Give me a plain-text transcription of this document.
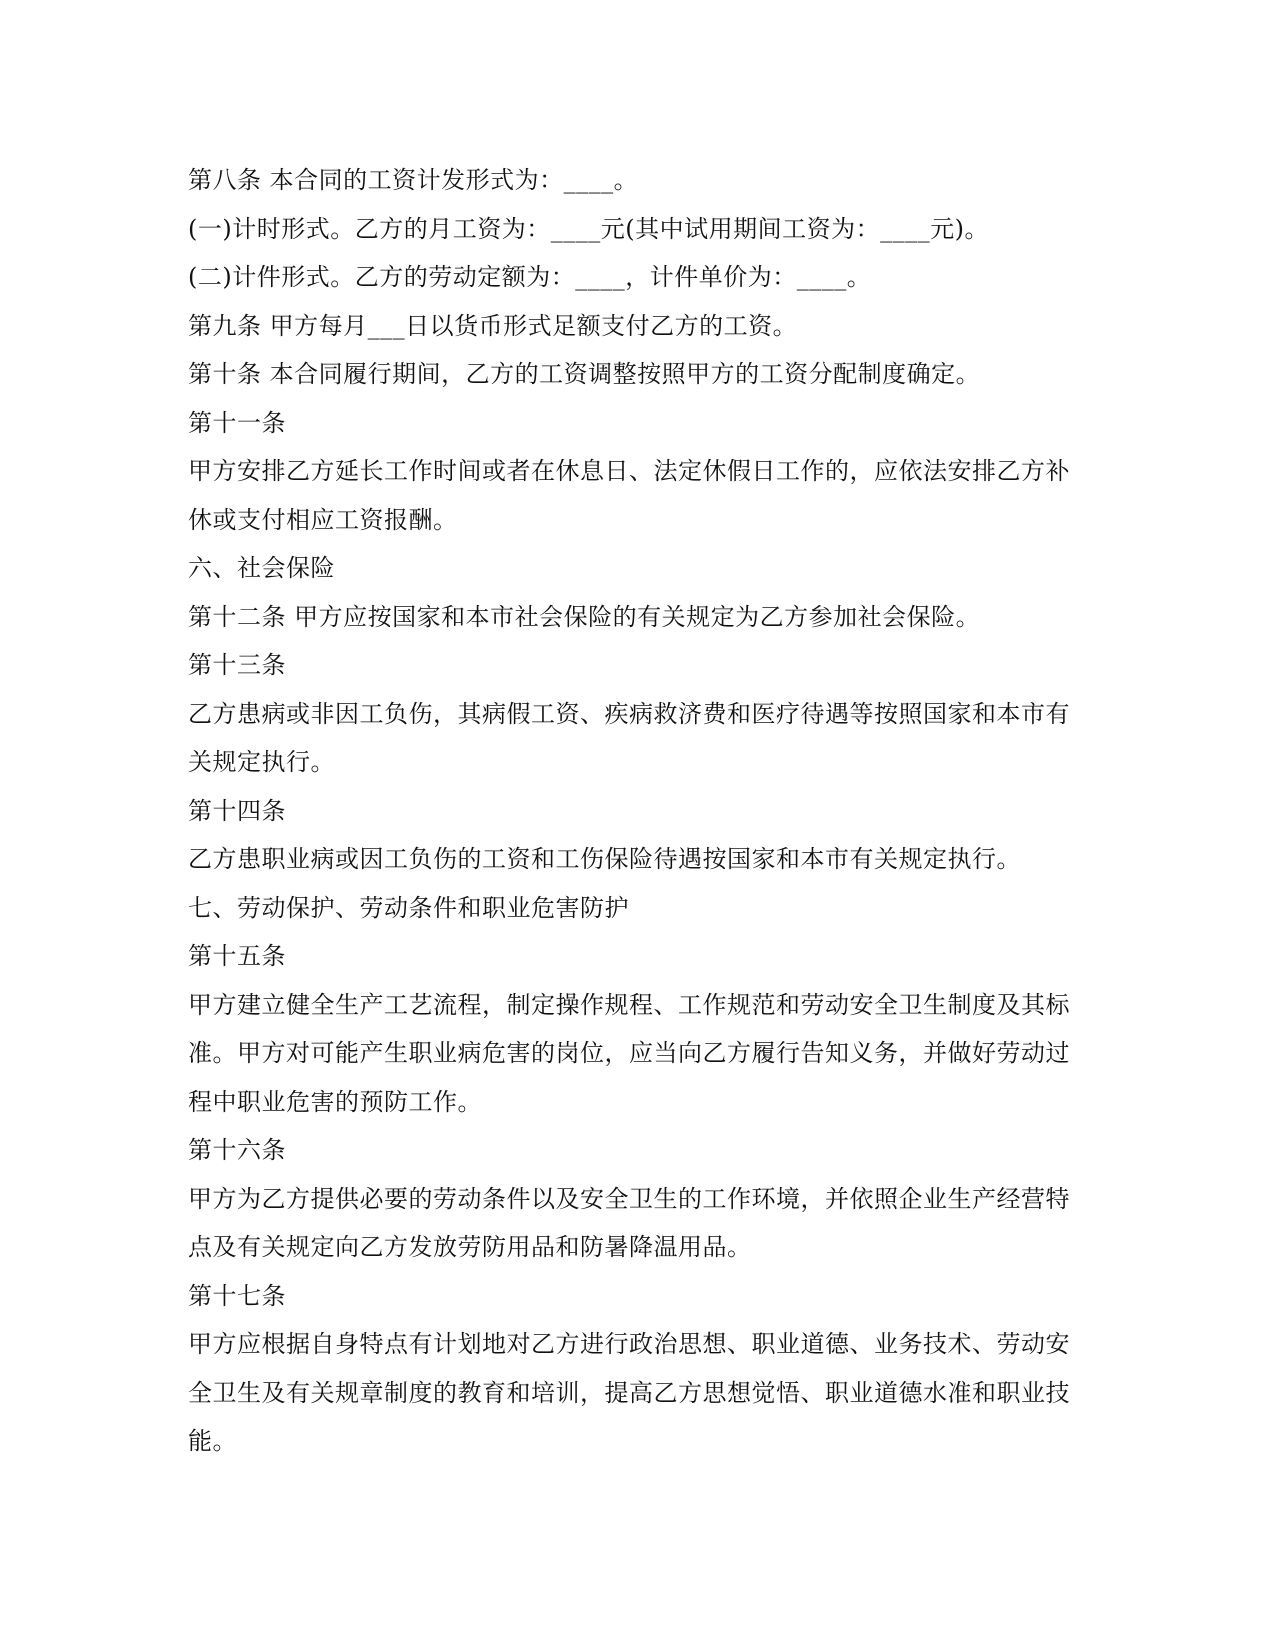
第八条 本合同的工资计发形式为：____。
(一)计时形式。乙方的月工资为：____元(其中试用期间工资为：____元)。
(二)计件形式。乙方的劳动定额为：____，计件单价为：____。
第九条 甲方每月___日以货币形式足额支付乙方的工资。
第十条 本合同履行期间，乙方的工资调整按照甲方的工资分配制度确定。
第十一条
甲方安排乙方延长工作时间或者在休息日、法定休假日工作的，应依法安排乙方补
休或支付相应工资报酬。
六、社会保险
第十二条 甲方应按国家和本市社会保险的有关规定为乙方参加社会保险。
第十三条
乙方患病或非因工负伤，其病假工资、疾病救济费和医疗待遇等按照国家和本市有
关规定执行。
第十四条
乙方患职业病或因工负伤的工资和工伤保险待遇按国家和本市有关规定执行。
七、劳动保护、劳动条件和职业危害防护
第十五条
甲方建立健全生产工艺流程，制定操作规程、工作规范和劳动安全卫生制度及其标
准。甲方对可能产生职业病危害的岗位，应当向乙方履行告知义务，并做好劳动过
程中职业危害的预防工作。
第十六条
甲方为乙方提供必要的劳动条件以及安全卫生的工作环境，并依照企业生产经营特
点及有关规定向乙方发放劳防用品和防暑降温用品。
第十七条
甲方应根据自身特点有计划地对乙方进行政治思想、职业道德、业务技术、劳动安
全卫生及有关规章制度的教育和培训，提高乙方思想觉悟、职业道德水准和职业技
能。
